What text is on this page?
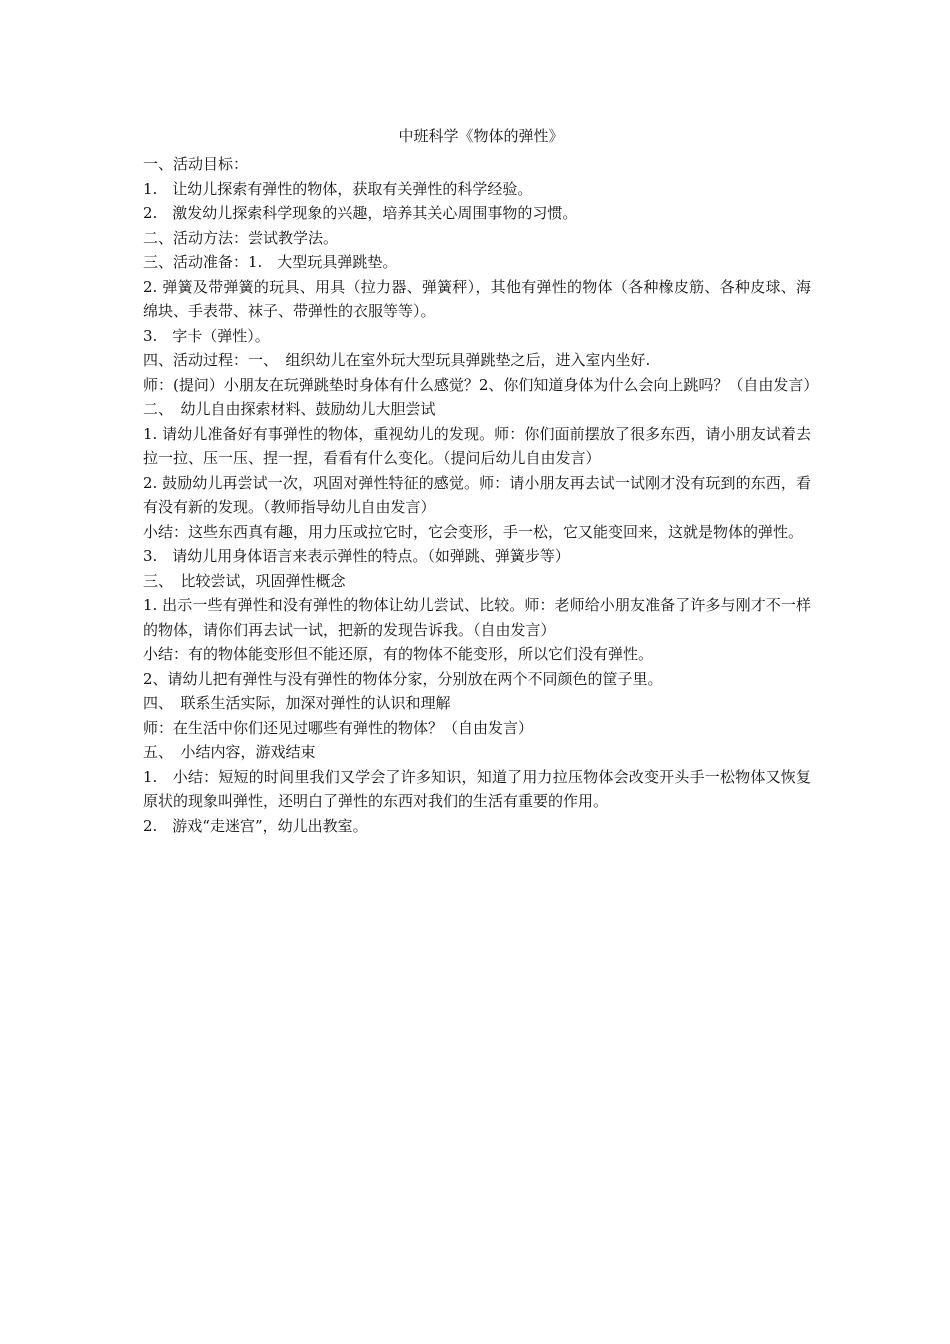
中班科学《物体的弹性》

一、活动目标：

1.　让幼儿探索有弹性的物体，获取有关弹性的科学经验。

2.　激发幼儿探索科学现象的兴趣，培养其关心周围事物的习惯。

二、活动方法：尝试教学法。

三、活动准备：1.　大型玩具弹跳垫。

2. 弹簧及带弹簧的玩具、用具（拉力器、弹簧秤），其他有弹性的物体（各种橡皮筋、各种皮球、海绵块、手表带、袜子、带弹性的衣服等等）。

3.　字卡（弹性）。

四、活动过程：一、　组织幼儿在室外玩大型玩具弹跳垫之后，进入室内坐好.

师：(提问）小朋友在玩弹跳垫时身体有什么感觉？2、你们知道身体为什么会向上跳吗？（自由发言）

二、　幼儿自由探索材料、鼓励幼儿大胆尝试

1. 请幼儿准备好有事弹性的物体，重视幼儿的发现。师：你们面前摆放了很多东西，请小朋友试着去拉一拉、压一压、捏一捏，看看有什么变化。（提问后幼儿自由发言）

2. 鼓励幼儿再尝试一次，巩固对弹性特征的感觉。师：请小朋友再去试一试刚才没有玩到的东西，看有没有新的发现。（教师指导幼儿自由发言）

小结：这些东西真有趣，用力压或拉它时，它会变形，手一松，它又能变回来，这就是物体的弹性。

3.　请幼儿用身体语言来表示弹性的特点。（如弹跳、弹簧步等）

三、　比较尝试，巩固弹性概念

1. 出示一些有弹性和没有弹性的物体让幼儿尝试、比较。师：老师给小朋友准备了许多与刚才不一样的物体，请你们再去试一试，把新的发现告诉我。（自由发言）

小结：有的物体能变形但不能还原，有的物体不能变形，所以它们没有弹性。

2、请幼儿把有弹性与没有弹性的物体分家，分别放在两个不同颜色的筐子里。

四、　联系生活实际，加深对弹性的认识和理解

师：在生活中你们还见过哪些有弹性的物体？（自由发言）

五、　小结内容，游戏结束

1.　小结：短短的时间里我们又学会了许多知识，知道了用力拉压物体会改变开头手一松物体又恢复原状的现象叫弹性，还明白了弹性的东西对我们的生活有重要的作用。

2.　游戏“走迷宫”，幼儿出教室。
